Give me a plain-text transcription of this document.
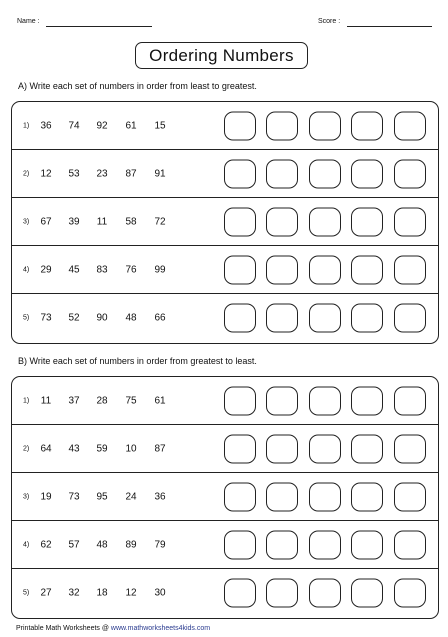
Name :	Score :
Ordering Numbers
A) Write each set of numbers in order from least to greatest.
1)	36	74	92	61	15
2)	12	53	23	87	91
3)	67	39	11	58	72
4)	29	45	83	76	99
5)	73	52	90	48	66
B) Write each set of numbers in order from greatest to least.
1)	11	37	28	75	61
2)	64	43	59	10	87
3)	19	73	95	24	36
4)	62	57	48	89	79
5)	27	32	18	12	30
Printable Math Worksheets @ www.mathworksheets4kids.com
